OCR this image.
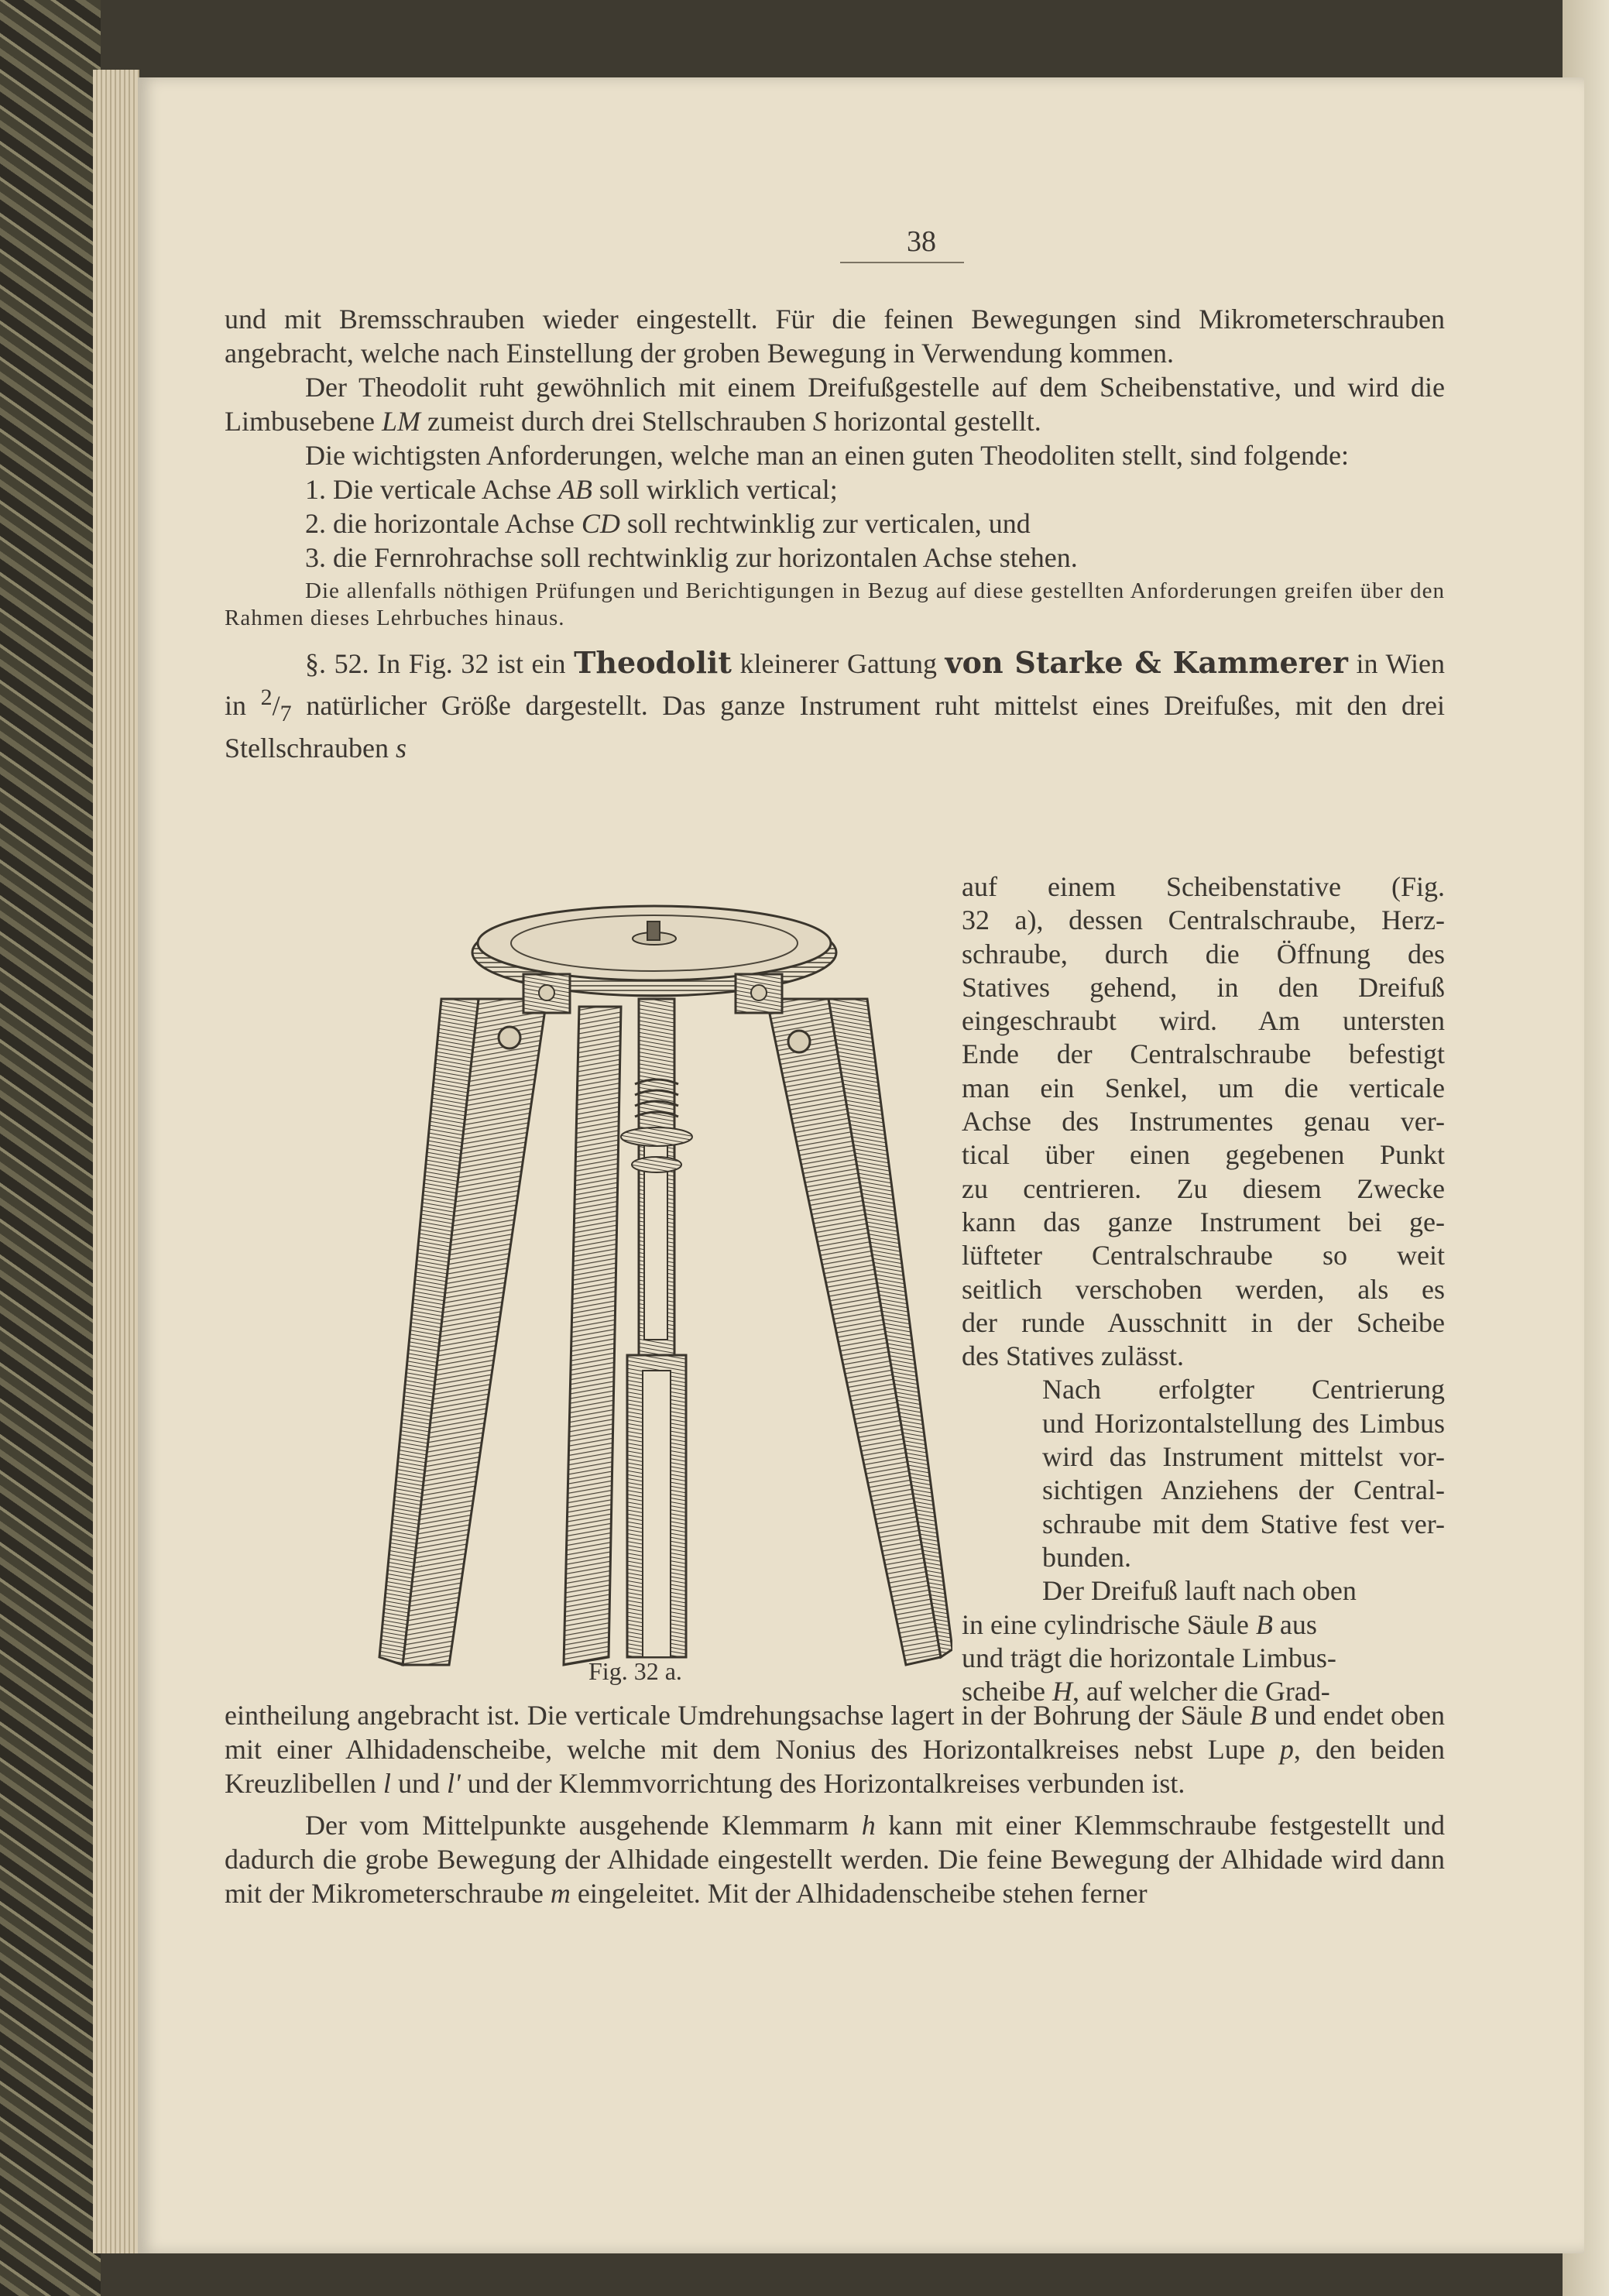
38

und mit Bremsschrauben wieder eingestellt. Für die feinen Bewegungen sind Mikrometerschrauben angebracht, welche nach Einstellung der groben Bewegung in Verwendung kommen.

Der Theodolit ruht gewöhnlich mit einem Dreifußgestelle auf dem Scheibenstative, und wird die Limbusebene LM zumeist durch drei Stellschrauben S horizontal gestellt.

Die wichtigsten Anforderungen, welche man an einen guten Theodoliten stellt, sind folgende:

1. Die verticale Achse AB soll wirklich vertical;

2. die horizontale Achse CD soll rechtwinklig zur verticalen, und

3. die Fernrohrachse soll rechtwinklig zur horizontalen Achse stehen.

Die allenfalls nöthigen Prüfungen und Berichtigungen in Bezug auf diese gestellten Anforderungen greifen über den Rahmen dieses Lehrbuches hinaus.

§. 52. In Fig. 32 ist ein Theodolit kleinerer Gattung von Starke & Kammerer in Wien in $^2/_7$ natürlicher Größe dargestellt. Das ganze Instrument ruht mittelst eines Dreifußes, mit den drei Stellschrauben s

auf einem Scheibenstative (Fig.
32 a), dessen Centralschraube, Herz-
schraube, durch die Öffnung des
Statives gehend, in den Dreifuß
eingeschraubt wird. Am untersten
Ende der Centralschraube befestigt
man ein Senkel, um die verticale
Achse des Instrumentes genau ver-
tical über einen gegebenen Punkt
zu centrieren. Zu diesem Zwecke
kann das ganze Instrument bei ge-
lüfteter Centralschraube so weit
seitlich verschoben werden, als es
der runde Ausschnitt in der Scheibe
des Statives zulässt.
Nach erfolgter Centrierung
und Horizontalstellung des Limbus
wird das Instrument mittelst vor-
sichtigen Anziehens der Central-
schraube mit dem Stative fest ver-
bunden.

Der Dreifuß lauft nach oben

in eine cylindrische Säule B aus

und trägt die horizontale Limbus-

scheibe H, auf welcher die Grad-

Fig. 32 a.

eintheilung angebracht ist. Die verticale Umdrehungsachse lagert in der Bohrung der Säule B und endet oben mit einer Alhidadenscheibe, welche mit dem Nonius des Horizontalkreises nebst Lupe p, den beiden Kreuzlibellen l und l' und der Klemmvorrichtung des Horizontalkreises verbunden ist.

Der vom Mittelpunkte ausgehende Klemmarm h kann mit einer Klemmschraube festgestellt und dadurch die grobe Bewegung der Alhidade eingestellt werden. Die feine Bewegung der Alhidade wird dann mit der Mikrometerschraube m eingeleitet. Mit der Alhidadenscheibe stehen ferner
